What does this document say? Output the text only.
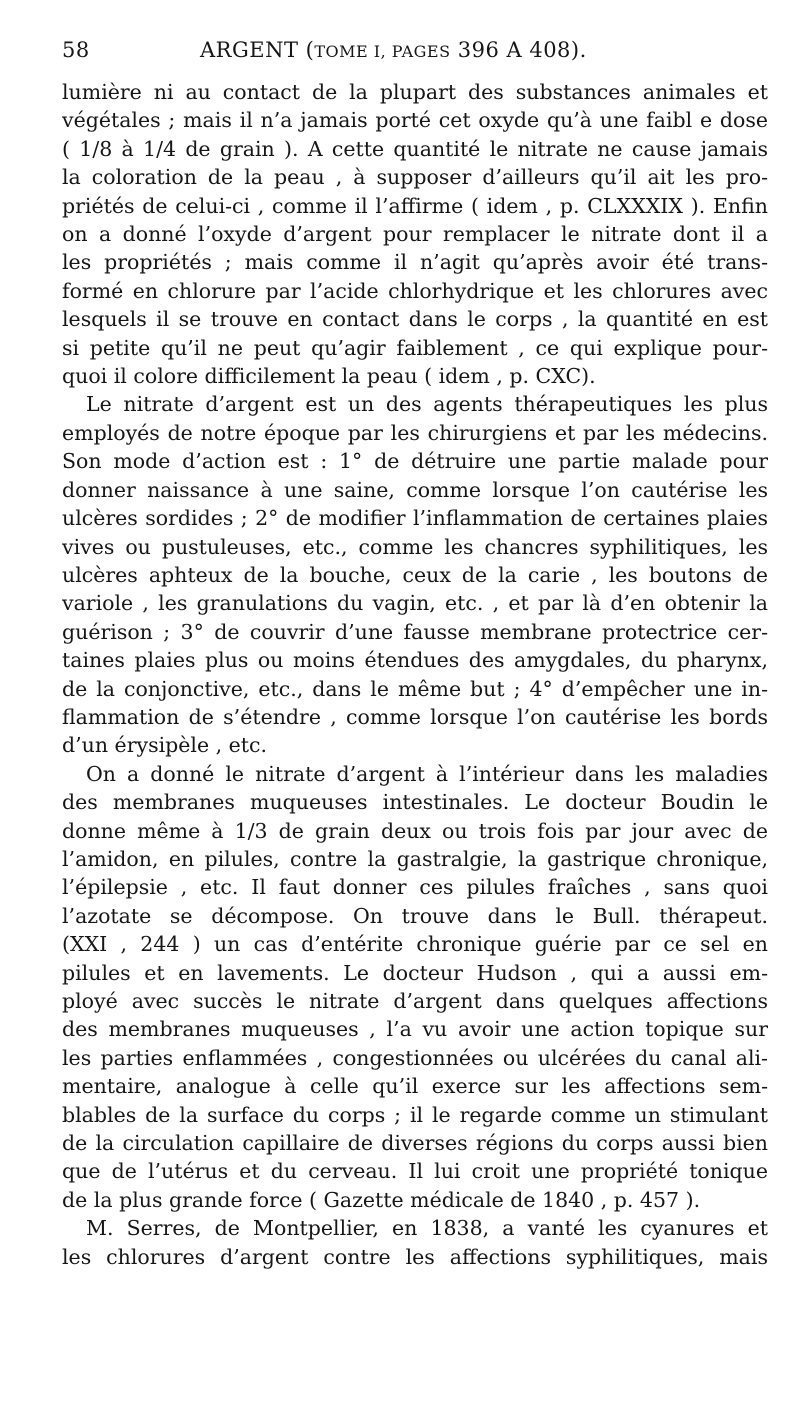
58	ARGENT (TOME I, PAGES 396 A 408).
lumière ni au contact de la plupart des substances animales et
végétales ; mais il n’a jamais porté cet oxyde qu’à une faibl e dose
( 1/8 à 1/4 de grain ). A cette quantité le nitrate ne cause jamais
la coloration de la peau , à supposer d’ailleurs qu’il ait les pro-
priétés de celui-ci , comme il l’affirme ( idem , p. CLXXXIX ). Enfin
on a donné l’oxyde d’argent pour remplacer le nitrate dont il a
les propriétés ; mais comme il n’agit qu’après avoir été trans-
formé en chlorure par l’acide chlorhydrique et les chlorures avec
lesquels il se trouve en contact dans le corps , la quantité en est
si petite qu’il ne peut qu’agir faiblement , ce qui explique pour-
quoi il colore difficilement la peau ( idem , p. CXC).
Le nitrate d’argent est un des agents thérapeutiques les plus
employés de notre époque par les chirurgiens et par les médecins.
Son mode d’action est : 1° de détruire une partie malade pour
donner naissance à une saine, comme lorsque l’on cautérise les
ulcères sordides ; 2° de modifier l’inflammation de certaines plaies
vives ou pustuleuses, etc., comme les chancres syphilitiques, les
ulcères aphteux de la bouche, ceux de la carie , les boutons de
variole , les granulations du vagin, etc. , et par là d’en obtenir la
guérison ; 3° de couvrir d’une fausse membrane protectrice cer-
taines plaies plus ou moins étendues des amygdales, du pharynx,
de la conjonctive, etc., dans le même but ; 4° d’empêcher une in-
flammation de s’étendre , comme lorsque l’on cautérise les bords
d’un érysipèle , etc.
On a donné le nitrate d’argent à l’intérieur dans les maladies
des membranes muqueuses intestinales. Le docteur Boudin le
donne même à 1/3 de grain deux ou trois fois par jour avec de
l’amidon, en pilules, contre la gastralgie, la gastrique chronique,
l’épilepsie , etc. Il faut donner ces pilules fraîches , sans quoi
l’azotate se décompose. On trouve dans le Bull. thérapeut.
(XXI , 244 ) un cas d’entérite chronique guérie par ce sel en
pilules et en lavements. Le docteur Hudson , qui a aussi em-
ployé avec succès le nitrate d’argent dans quelques affections
des membranes muqueuses , l’a vu avoir une action topique sur
les parties enflammées , congestionnées ou ulcérées du canal ali-
mentaire, analogue à celle qu’il exerce sur les affections sem-
blables de la surface du corps ; il le regarde comme un stimulant
de la circulation capillaire de diverses régions du corps aussi bien
que de l’utérus et du cerveau. Il lui croit une propriété tonique
de la plus grande force ( Gazette médicale de 1840 , p. 457 ).
M. Serres, de Montpellier, en 1838, a vanté les cyanures et
les chlorures d’argent contre les affections syphilitiques, mais
